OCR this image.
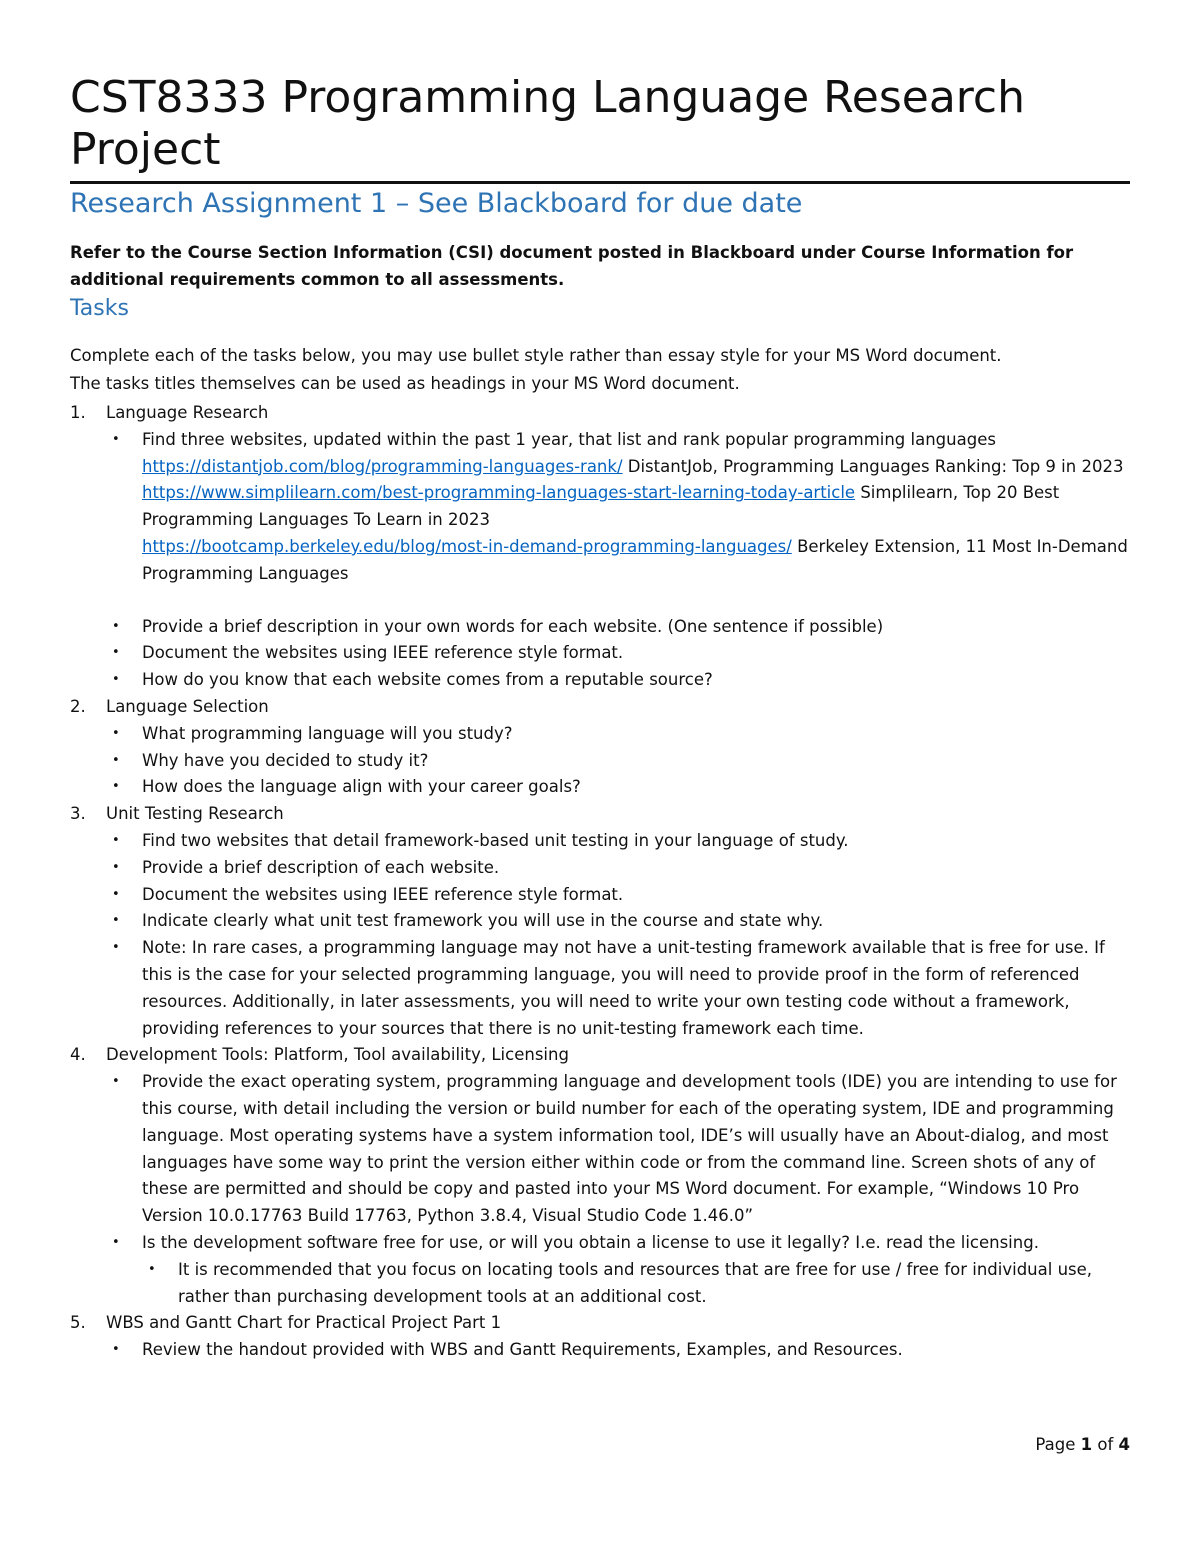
CST8333 Programming Language Research Project
Research Assignment 1 – See Blackboard for due date

Refer to the Course Section Information (CSI) document posted in Blackboard under Course Information for additional requirements common to all assessments.

Tasks

Complete each of the tasks below, you may use bullet style rather than essay style for your MS Word document.

The tasks titles themselves can be used as headings in your MS Word document.

1. Language Research
• Find three websites, updated within the past 1 year, that list and rank popular programming languages
https://distantjob.com/blog/programming-languages-rank/ DistantJob, Programming Languages Ranking: Top 9 in 2023
https://www.simplilearn.com/best-programming-languages-start-learning-today-article Simplilearn, Top 20 Best Programming Languages To Learn in 2023
https://bootcamp.berkeley.edu/blog/most-in-demand-programming-languages/ Berkeley Extension, 11 Most In-Demand Programming Languages
• Provide a brief description in your own words for each website. (One sentence if possible)
• Document the websites using IEEE reference style format.
• How do you know that each website comes from a reputable source?
2. Language Selection
• What programming language will you study?
• Why have you decided to study it?
• How does the language align with your career goals?
3. Unit Testing Research
• Find two websites that detail framework-based unit testing in your language of study.
• Provide a brief description of each website.
• Document the websites using IEEE reference style format.
• Indicate clearly what unit test framework you will use in the course and state why.
• Note: In rare cases, a programming language may not have a unit-testing framework available that is free for use. If this is the case for your selected programming language, you will need to provide proof in the form of referenced resources. Additionally, in later assessments, you will need to write your own testing code without a framework, providing references to your sources that there is no unit-testing framework each time.
4. Development Tools: Platform, Tool availability, Licensing
• Provide the exact operating system, programming language and development tools (IDE) you are intending to use for this course, with detail including the version or build number for each of the operating system, IDE and programming language. Most operating systems have a system information tool, IDE’s will usually have an About-dialog, and most languages have some way to print the version either within code or from the command line. Screen shots of any of these are permitted and should be copy and pasted into your MS Word document. For example, “Windows 10 Pro Version 10.0.17763 Build 17763, Python 3.8.4, Visual Studio Code 1.46.0”
• Is the development software free for use, or will you obtain a license to use it legally? I.e. read the licensing.
• It is recommended that you focus on locating tools and resources that are free for use / free for individual use, rather than purchasing development tools at an additional cost.
5. WBS and Gantt Chart for Practical Project Part 1
• Review the handout provided with WBS and Gantt Requirements, Examples, and Resources.
Page 1 of 4
